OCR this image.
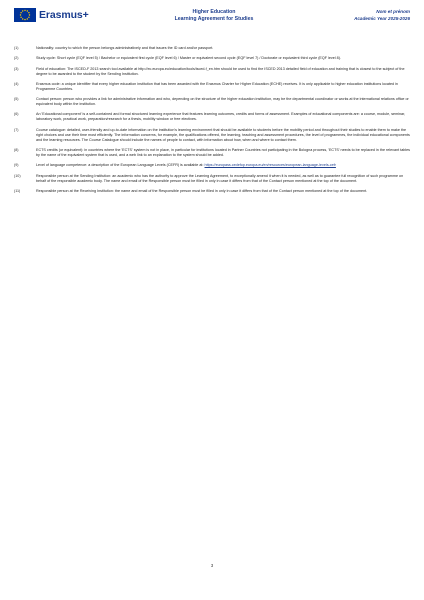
Erasmus+	Higher Education
Learning Agreement for Studies
Nom et prénom
Academic Year 2025-2026
(1)	Nationality: country to which the person belongs administratively and that issues the ID card and/or passport.
(2)	Study cycle: Short cycle (EQF level 5) / Bachelor or equivalent first cycle (EQF level 6) / Master or equivalent second cycle (EQF level 7) / Doctorate or equivalent third cycle (EQF level 8).
(3)	Field of education: The ISCED-F 2013 search tool available at http://ec.europa.eu/education/tools/isced-f_en.htm should be used to find the ISCED 2013 detailed field of education and training that is closest to the subject of the degree to be awarded to the student by the Sending Institution.
(4)	Erasmus code: a unique identifier that every higher education institution that has been awarded with the Erasmus Charter for Higher Education (ECHE) receives. It is only applicable to higher education institutions located in Programme Countries.
(5)	Contact person: person who provides a link for administrative information and who, depending on the structure of the higher education institution, may be the departmental coordinator or works at the international relations office or equivalent body within the institution.
(6)	An 'Educational component' is a self-contained and formal structured learning experience that features learning outcomes, credits and forms of assessment. Examples of educational components are: a course, module, seminar, laboratory work, practical work, preparation/research for a thesis, mobility window or free electives.
(7)	Course catalogue: detailed, user-friendly and up-to-date information on the institution's learning environment that should be available to students before the mobility period and throughout their studies to enable them to make the right choices and use their time most efficiently. The information concerns, for example, the qualifications offered, the learning, teaching and assessment procedures, the level of programmes, the individual educational components and the learning resources. The Course Catalogue should include the names of people to contact, with information about how, when and where to contact them.
(8)	ECTS credits (or equivalent): in countries where the 'ECTS' system is not in place, in particular for institutions located in Partner Countries not participating in the Bologna process, 'ECTS' needs to be replaced in the relevant tables by the name of the equivalent system that is used, and a web link to an explanation to the system should be added.
(9)	Level of language competence: a description of the European Language Levels (CEFR) is available at: https://europass.cedefop.europa.eu/en/resources/european-language-levels-cefr
(10)	Responsible person at the Sending Institution: an academic who has the authority to approve the Learning Agreement, to exceptionally amend it when it is needed, as well as to guarantee full recognition of such programme on behalf of the responsible academic body. The name and email of the Responsible person must be filled in only in case it differs from that of the Contact person mentioned at the top of the document.
(11)	Responsible person at the Receiving Institution: the name and email of the Responsible person must be filled in only in case it differs from that of the Contact person mentioned at the top of the document.
3
